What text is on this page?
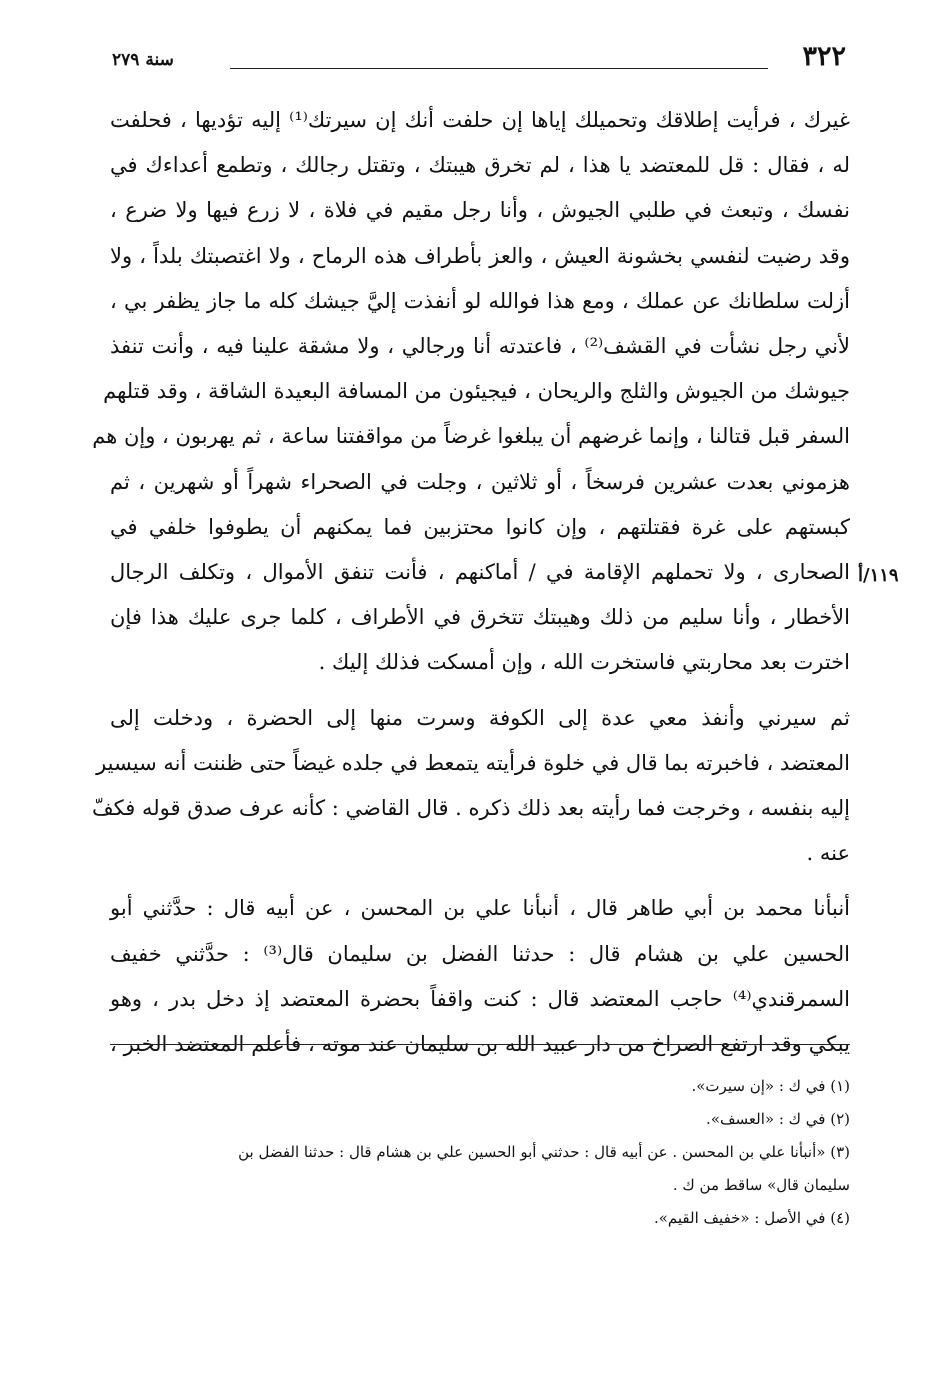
٣٢٢
سنة ٢٧٩

غيرك ، فرأيت إطلاقك وتحميلك إياها إن حلفت أنك إن سيرتك⁽¹⁾ إليه تؤديها ، فحلفت
له ، فقال : قل للمعتضد يا هذا ، لم تخرق هيبتك ، وتقتل رجالك ، وتطمع أعداءك في
نفسك ، وتبعث في طلبي الجيوش ، وأنا رجل مقيم في فلاة ، لا زرع فيها ولا ضرع ،
وقد رضيت لنفسي بخشونة العيش ، والعز بأطراف هذه الرماح ، ولا اغتصبتك بلداً ، ولا
أزلت سلطانك عن عملك ، ومع هذا فوالله لو أنفذت إليَّ جيشك كله ما جاز يظفر بي ،
لأني رجل نشأت في القشف⁽²⁾ ، فاعتدته أنا ورجالي ، ولا مشقة علينا فيه ، وأنت تنفذ
جيوشك من الجيوش والثلج والريحان ، فيجيئون من المسافة البعيدة الشاقة ، وقد قتلهم
السفر قبل قتالنا ، وإنما غرضهم أن يبلغوا غرضاً من مواقفتنا ساعة ، ثم يهربون ، وإن هم
هزموني بعدت عشرين فرسخاً ، أو ثلاثين ، وجلت في الصحراء شهراً أو شهرين ، ثم
كبستهم على غرة فقتلتهم ، وإن كانوا محتزبين فما يمكنهم أن يطوفوا خلفي في
الصحارى ، ولا تحملهم الإقامة في / أماكنهم ، فأنت تنفق الأموال ، وتكلف الرجال
الأخطار ، وأنا سليم من ذلك وهيبتك تتخرق في الأطراف ، كلما جرى عليك هذا فإن
اخترت بعد محاربتي فاستخرت الله ، وإن أمسكت فذلك إليك .

ثم سيرني وأنفذ معي عدة إلى الكوفة وسرت منها إلى الحضرة ، ودخلت إلى
المعتضد ، فاخبرته بما قال في خلوة فرأيته يتمعط في جلده غيضاً حتى ظننت أنه سيسير
إليه بنفسه ، وخرجت فما رأيته بعد ذلك ذكره . قال القاضي : كأنه عرف صدق قوله فكفّ
عنه .

أنبأنا محمد بن أبي طاهر قال ، أنبأنا علي بن المحسن ، عن أبيه قال : حدَّثني أبو
الحسين علي بن هشام قال : حدثنا الفضل بن سليمان قال⁽³⁾ : حدَّثني خفيف
السمرقندي⁽⁴⁾ حاجب المعتضد قال : كنت واقفاً بحضرة المعتضد إذ دخل بدر ، وهو
يبكي وقد ارتفع الصراخ من دار عبيد الله بن سليمان عند موته ، فأعلم المعتضد الخبر ،

١١٩/أ

(١) في ك : «إن سيرت».

(٢) في ك : «العسف».

(٣) «أنبأنا علي بن المحسن . عن أبيه قال : حدثني أبو الحسين علي بن هشام قال : حدثنا الفضل بن
سليمان قال» ساقط من ك .

(٤) في الأصل : «خفيف القيم».
